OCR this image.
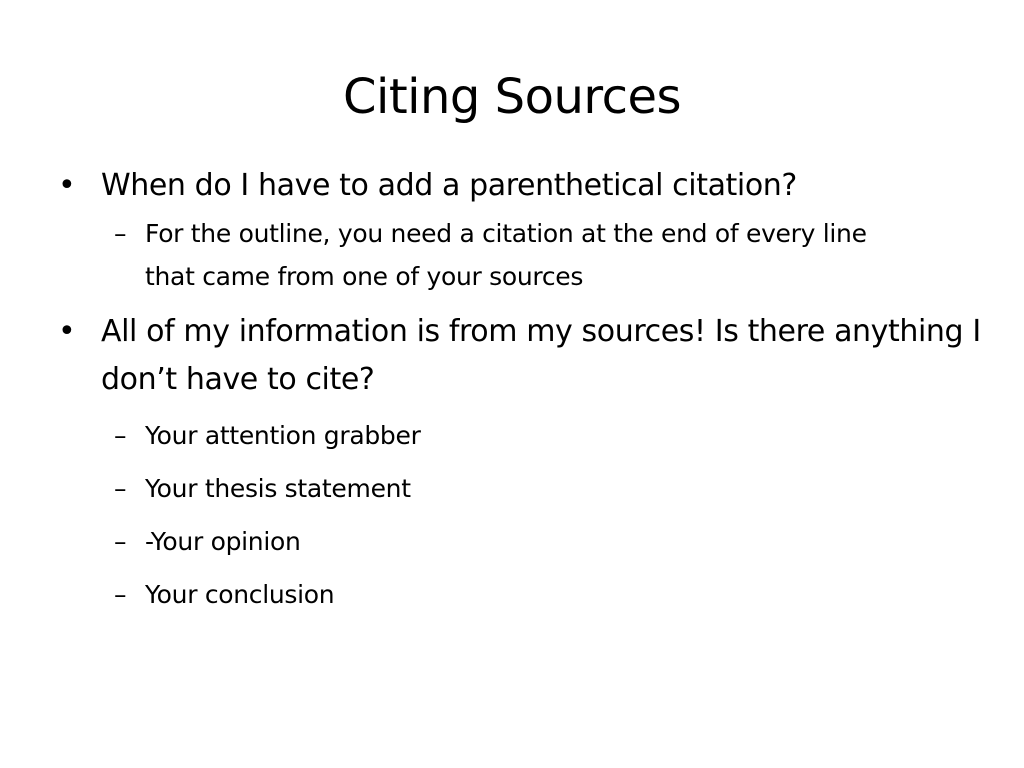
Citing Sources
• When do I have to add a parenthetical citation?
– For the outline, you need a citation at the end of every line that came from one of your sources
• All of my information is from my sources! Is there anything I don’t have to cite?
– Your attention grabber
– Your thesis statement
– -Your opinion
– Your conclusion
